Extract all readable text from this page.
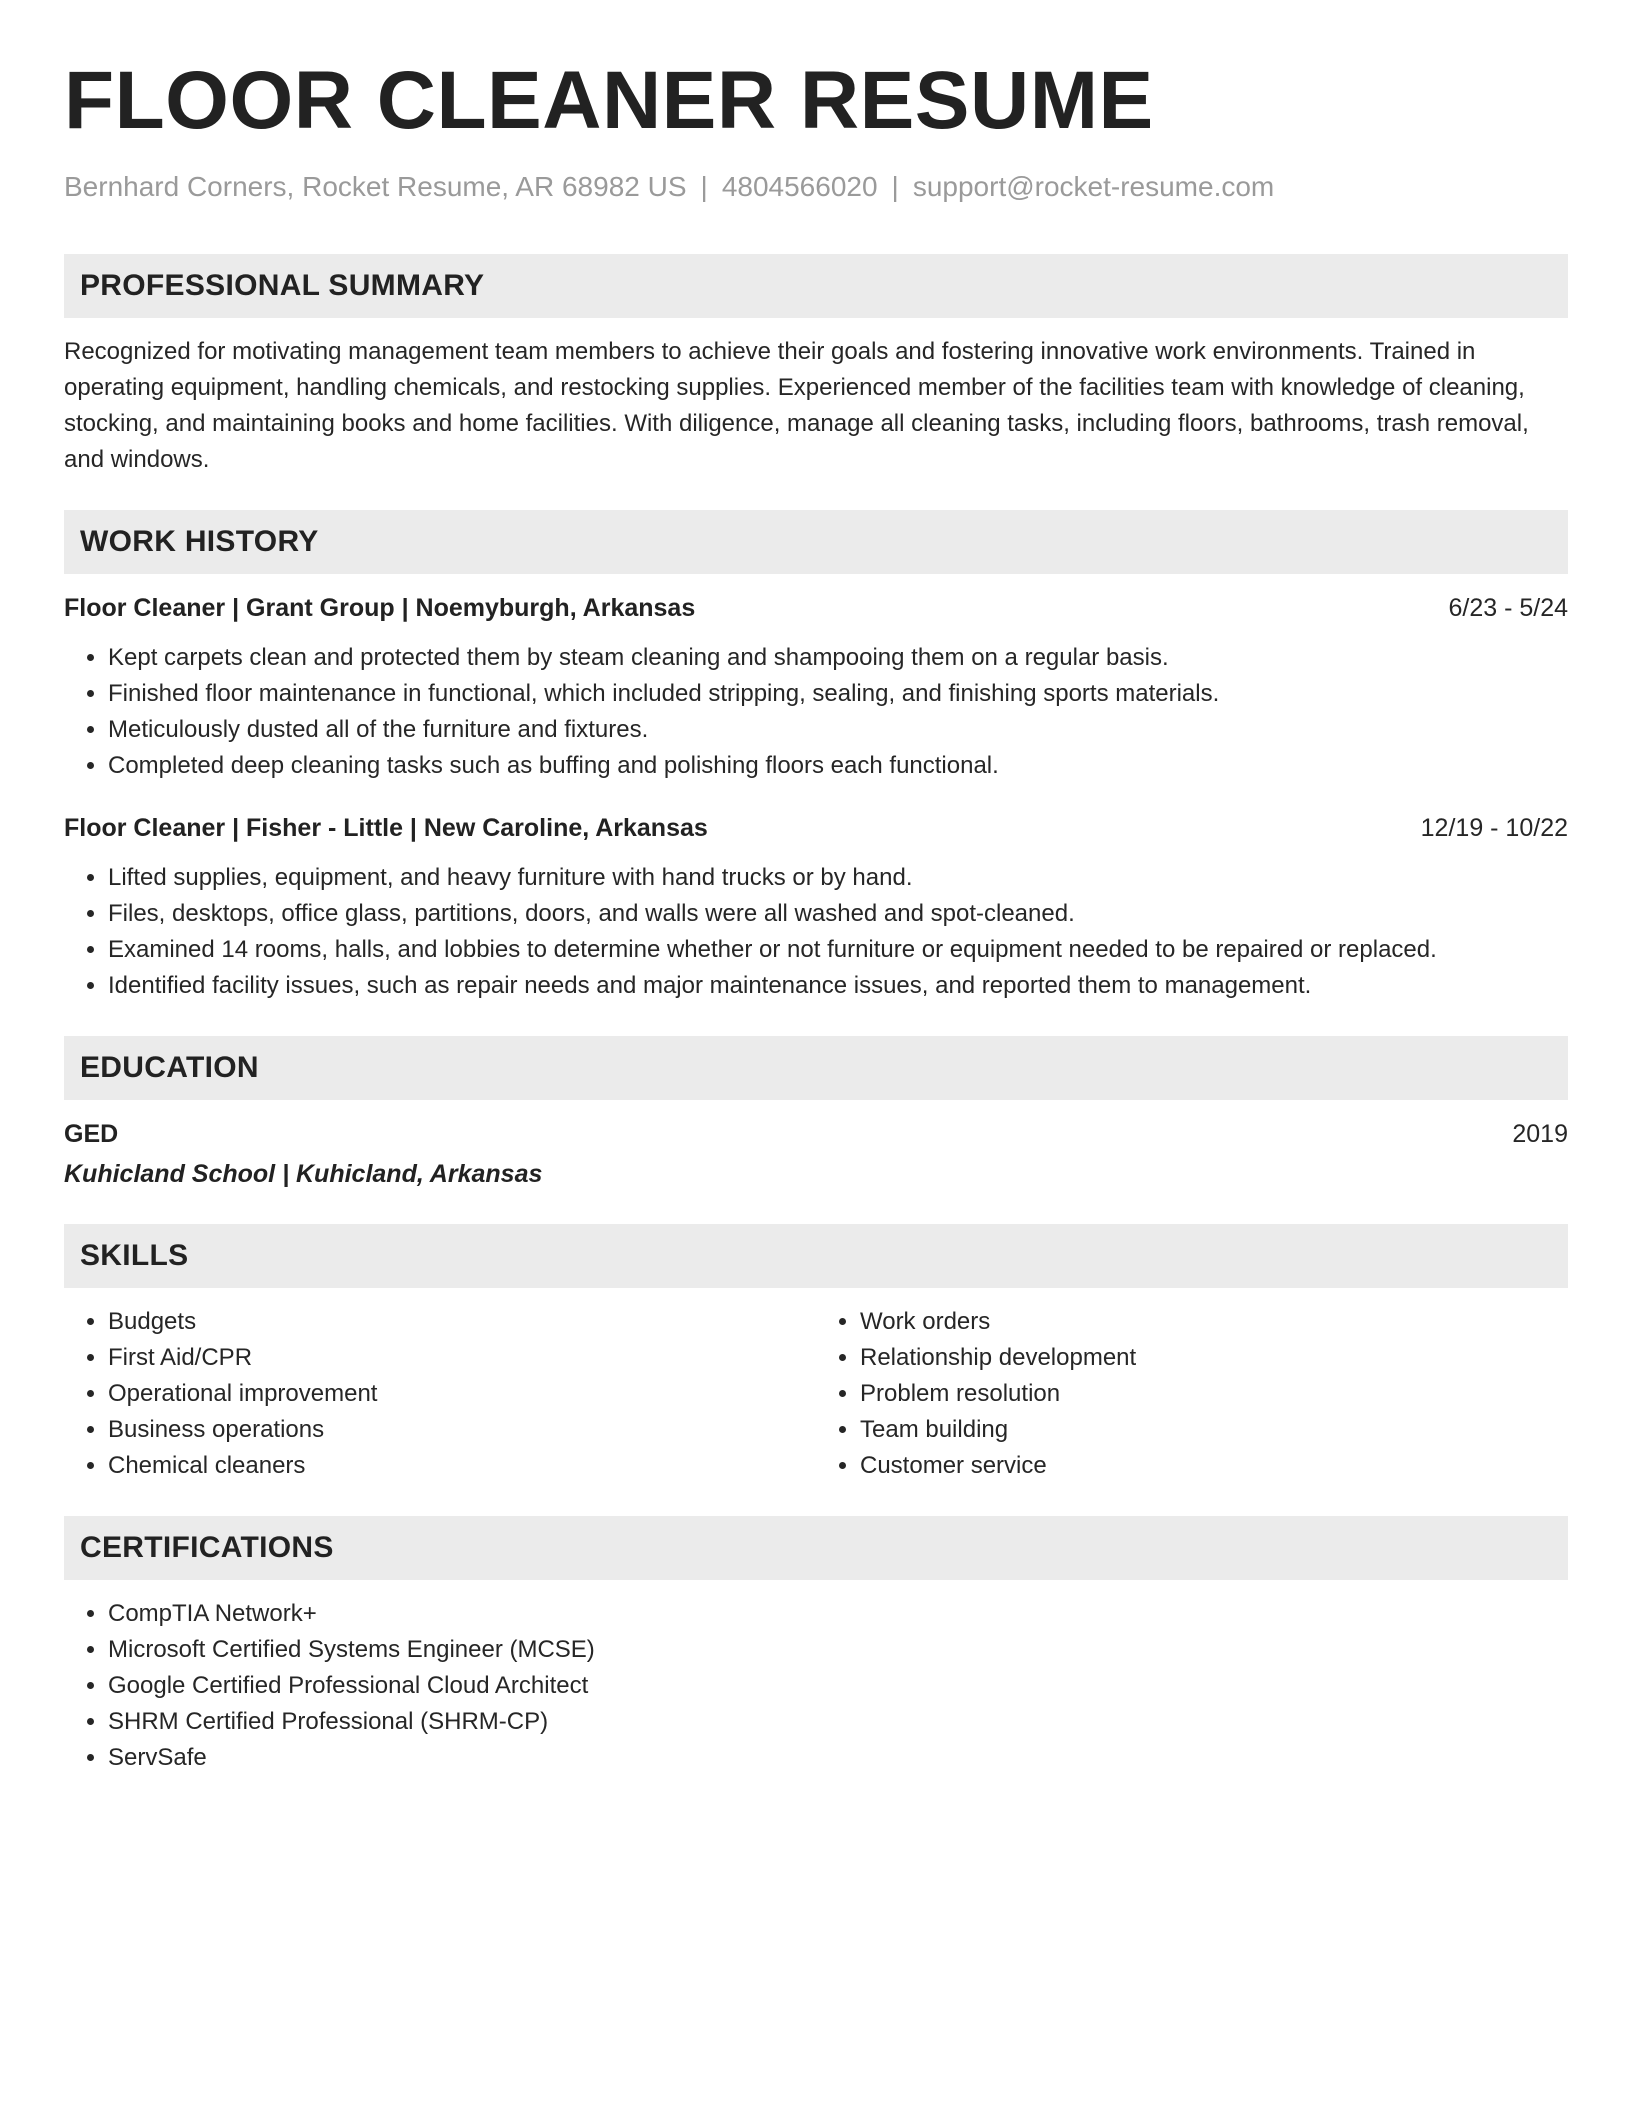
FLOOR CLEANER RESUME
Bernhard Corners, Rocket Resume, AR 68982 US | 4804566020 | support@rocket-resume.com
PROFESSIONAL SUMMARY
Recognized for motivating management team members to achieve their goals and fostering innovative work environments. Trained in operating equipment, handling chemicals, and restocking supplies. Experienced member of the facilities team with knowledge of cleaning, stocking, and maintaining books and home facilities. With diligence, manage all cleaning tasks, including floors, bathrooms, trash removal, and windows.
WORK HISTORY
Floor Cleaner | Grant Group | Noemyburgh, Arkansas	6/23 - 5/24
• Kept carpets clean and protected them by steam cleaning and shampooing them on a regular basis.
• Finished floor maintenance in functional, which included stripping, sealing, and finishing sports materials.
• Meticulously dusted all of the furniture and fixtures.
• Completed deep cleaning tasks such as buffing and polishing floors each functional.
Floor Cleaner | Fisher - Little | New Caroline, Arkansas	12/19 - 10/22
• Lifted supplies, equipment, and heavy furniture with hand trucks or by hand.
• Files, desktops, office glass, partitions, doors, and walls were all washed and spot-cleaned.
• Examined 14 rooms, halls, and lobbies to determine whether or not furniture or equipment needed to be repaired or replaced.
• Identified facility issues, such as repair needs and major maintenance issues, and reported them to management.
EDUCATION
GED	2019
Kuhicland School | Kuhicland, Arkansas
SKILLS
• Budgets
• First Aid/CPR
• Operational improvement
• Business operations
• Chemical cleaners
• Work orders
• Relationship development
• Problem resolution
• Team building
• Customer service
CERTIFICATIONS
• CompTIA Network+
• Microsoft Certified Systems Engineer (MCSE)
• Google Certified Professional Cloud Architect
• SHRM Certified Professional (SHRM-CP)
• ServSafe
